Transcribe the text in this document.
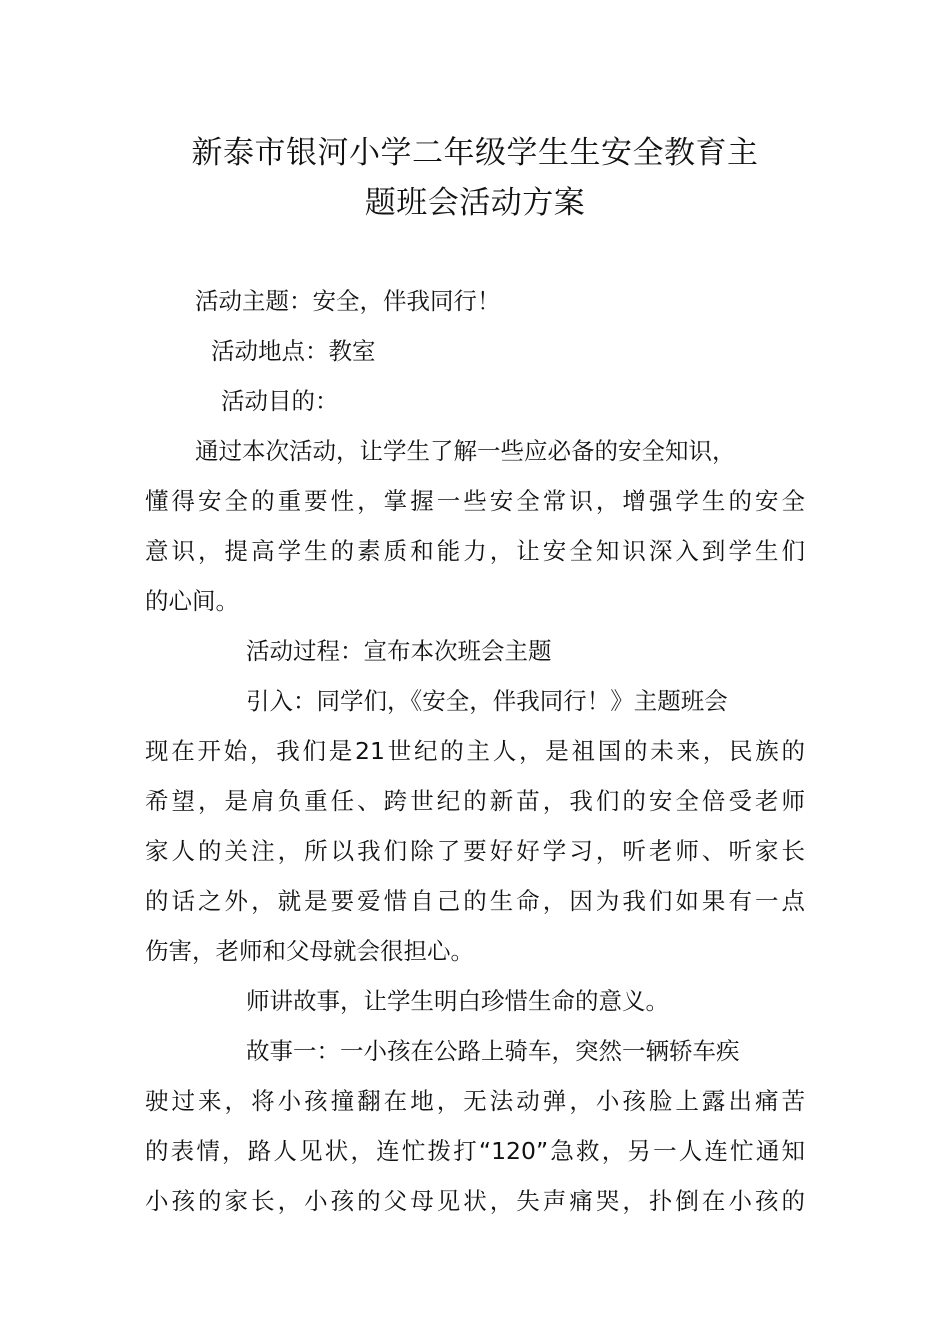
新泰市银河小学二年级学生生安全教育主
题班会活动方案
活动主题：安全，伴我同行！
活动地点：教室
活动目的：
通过本次活动，让学生了解一些应必备的安全知识，
懂得安全的重要性，掌握一些安全常识，增强学生的安全
意识，提高学生的素质和能力，让安全知识深入到学生们
的心间。
活动过程：宣布本次班会主题
引入：同学们，《安全，伴我同行！》主题班会
现在开始，我们是21世纪的主人，是祖国的未来，民族的
希望，是肩负重任、跨世纪的新苗，我们的安全倍受老师
家人的关注，所以我们除了要好好学习，听老师、听家长
的话之外，就是要爱惜自己的生命，因为我们如果有一点
伤害，老师和父母就会很担心。
师讲故事，让学生明白珍惜生命的意义。
故事一：一小孩在公路上骑车，突然一辆轿车疾
驶过来，将小孩撞翻在地，无法动弹，小孩脸上露出痛苦
的表情，路人见状，连忙拨打“120”急救，另一人连忙通知
小孩的家长，小孩的父母见状，失声痛哭，扑倒在小孩的
